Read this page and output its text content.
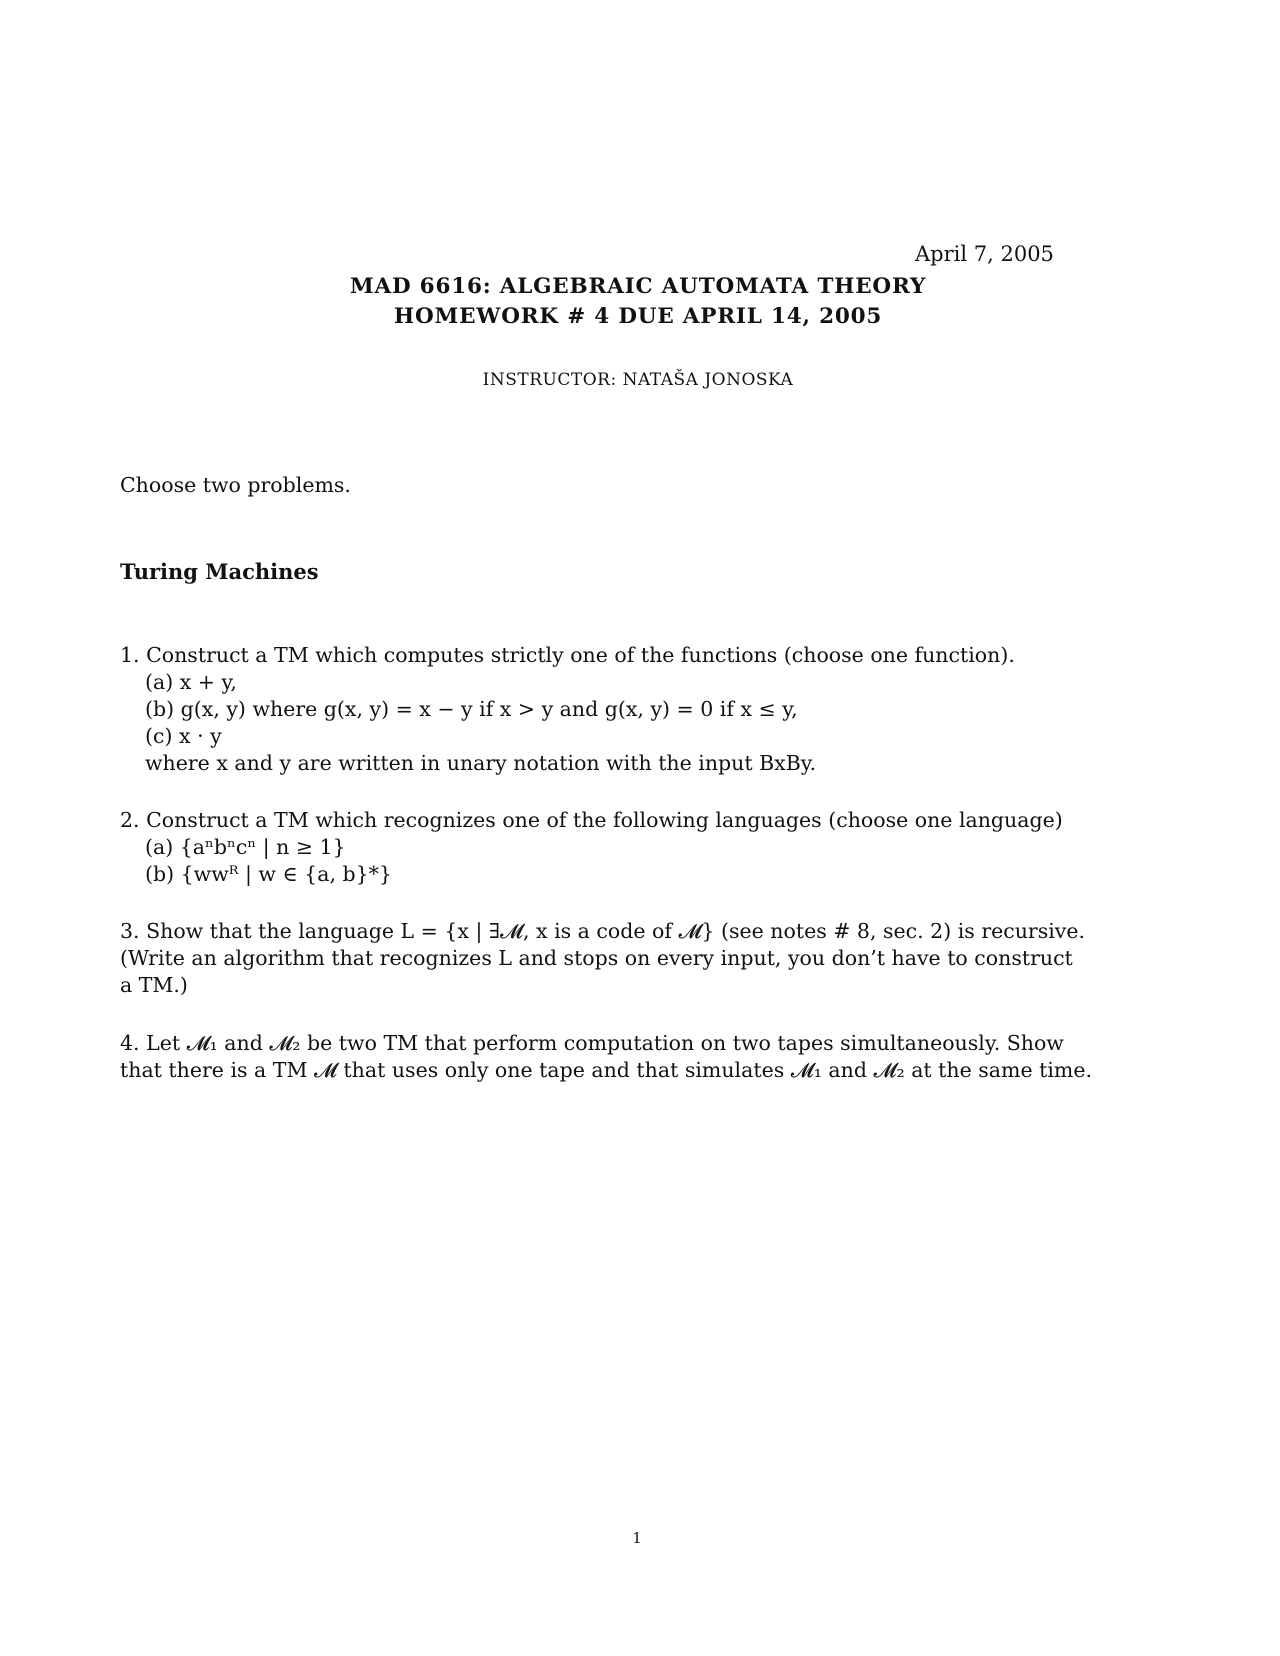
April 7, 2005
MAD 6616: ALGEBRAIC AUTOMATA THEORY
HOMEWORK # 4 DUE APRIL 14, 2005
INSTRUCTOR: NATAŠA JONOSKA
Choose two problems.
Turing Machines
1. Construct a TM which computes strictly one of the functions (choose one function).
(a) x + y,
(b) g(x, y) where g(x, y) = x − y if x > y and g(x, y) = 0 if x ≤ y,
(c) x · y
where x and y are written in unary notation with the input BxBy.
2. Construct a TM which recognizes one of the following languages (choose one language)
(a) {aⁿbⁿcⁿ | n ≥ 1}
(b) {wwᴿ | w ∈ {a, b}*}
3. Show that the language L = {x | ∃𝓜, x is a code of 𝓜} (see notes # 8, sec. 2) is recursive.
(Write an algorithm that recognizes L and stops on every input, you don’t have to construct
a TM.)
4. Let 𝓜₁ and 𝓜₂ be two TM that perform computation on two tapes simultaneously. Show
that there is a TM 𝓜 that uses only one tape and that simulates 𝓜₁ and 𝓜₂ at the same time.
1
